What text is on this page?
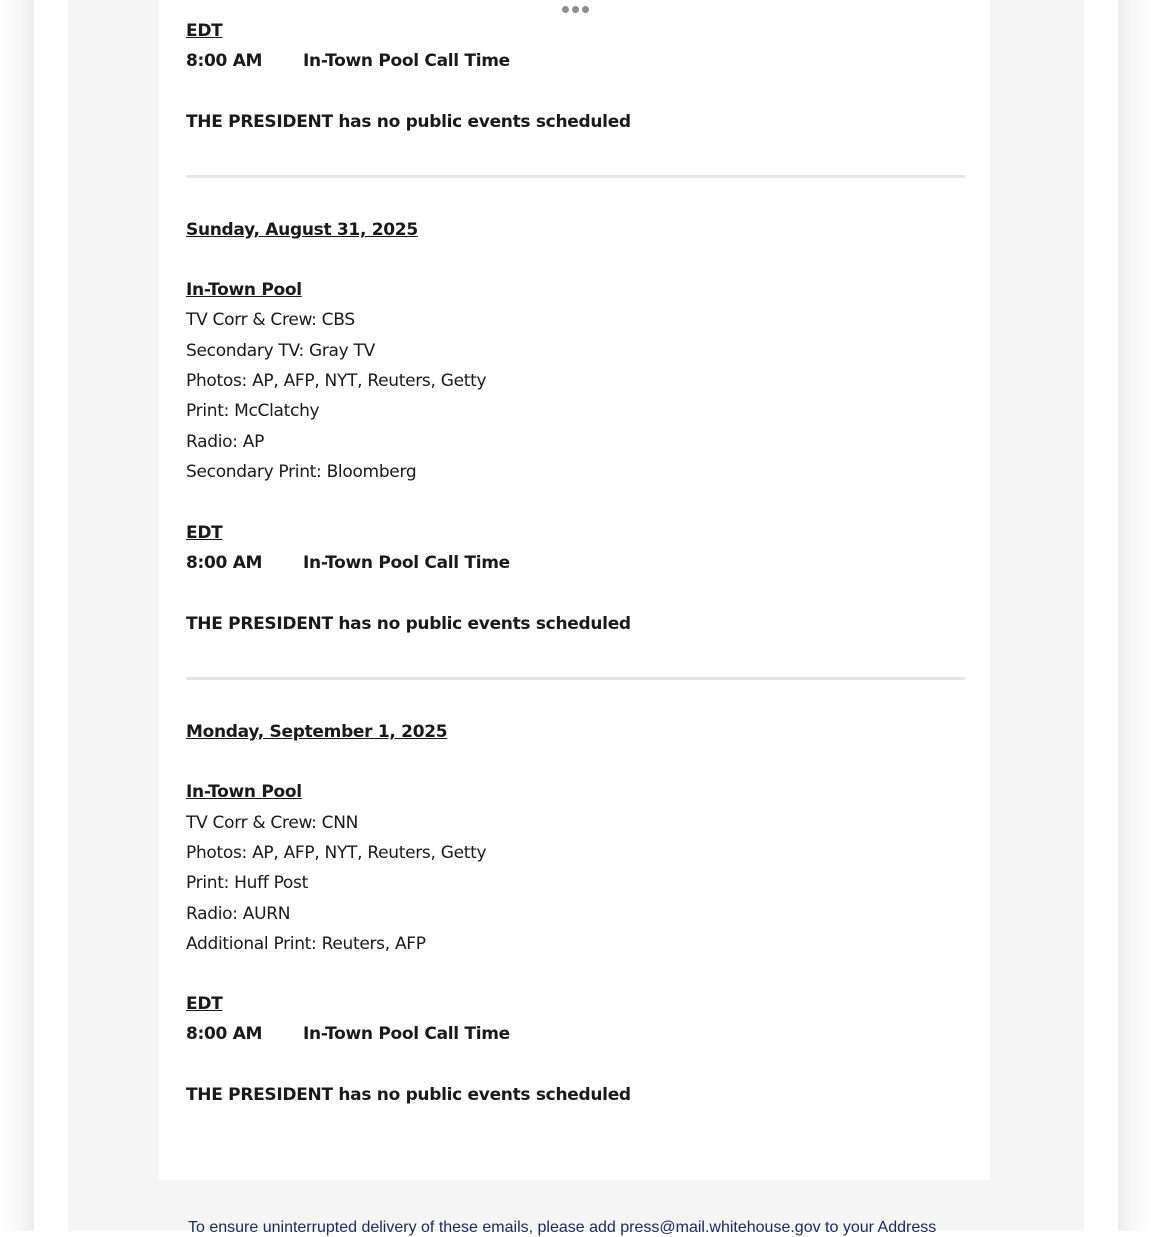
EDT
8:00 AM In-Town Pool Call Time
THE PRESIDENT has no public events scheduled
Sunday, August 31, 2025
In-Town Pool
TV Corr & Crew: CBS
Secondary TV: Gray TV
Photos: AP, AFP, NYT, Reuters, Getty
Print: McClatchy
Radio: AP
Secondary Print: Bloomberg
EDT
8:00 AM In-Town Pool Call Time
THE PRESIDENT has no public events scheduled
Monday, September 1, 2025
In-Town Pool
TV Corr & Crew: CNN
Photos: AP, AFP, NYT, Reuters, Getty
Print: Huff Post
Radio: AURN
Additional Print: Reuters, AFP
EDT
8:00 AM In-Town Pool Call Time
THE PRESIDENT has no public events scheduled
To ensure uninterrupted delivery of these emails, please add press@mail.whitehouse.gov to your Address
